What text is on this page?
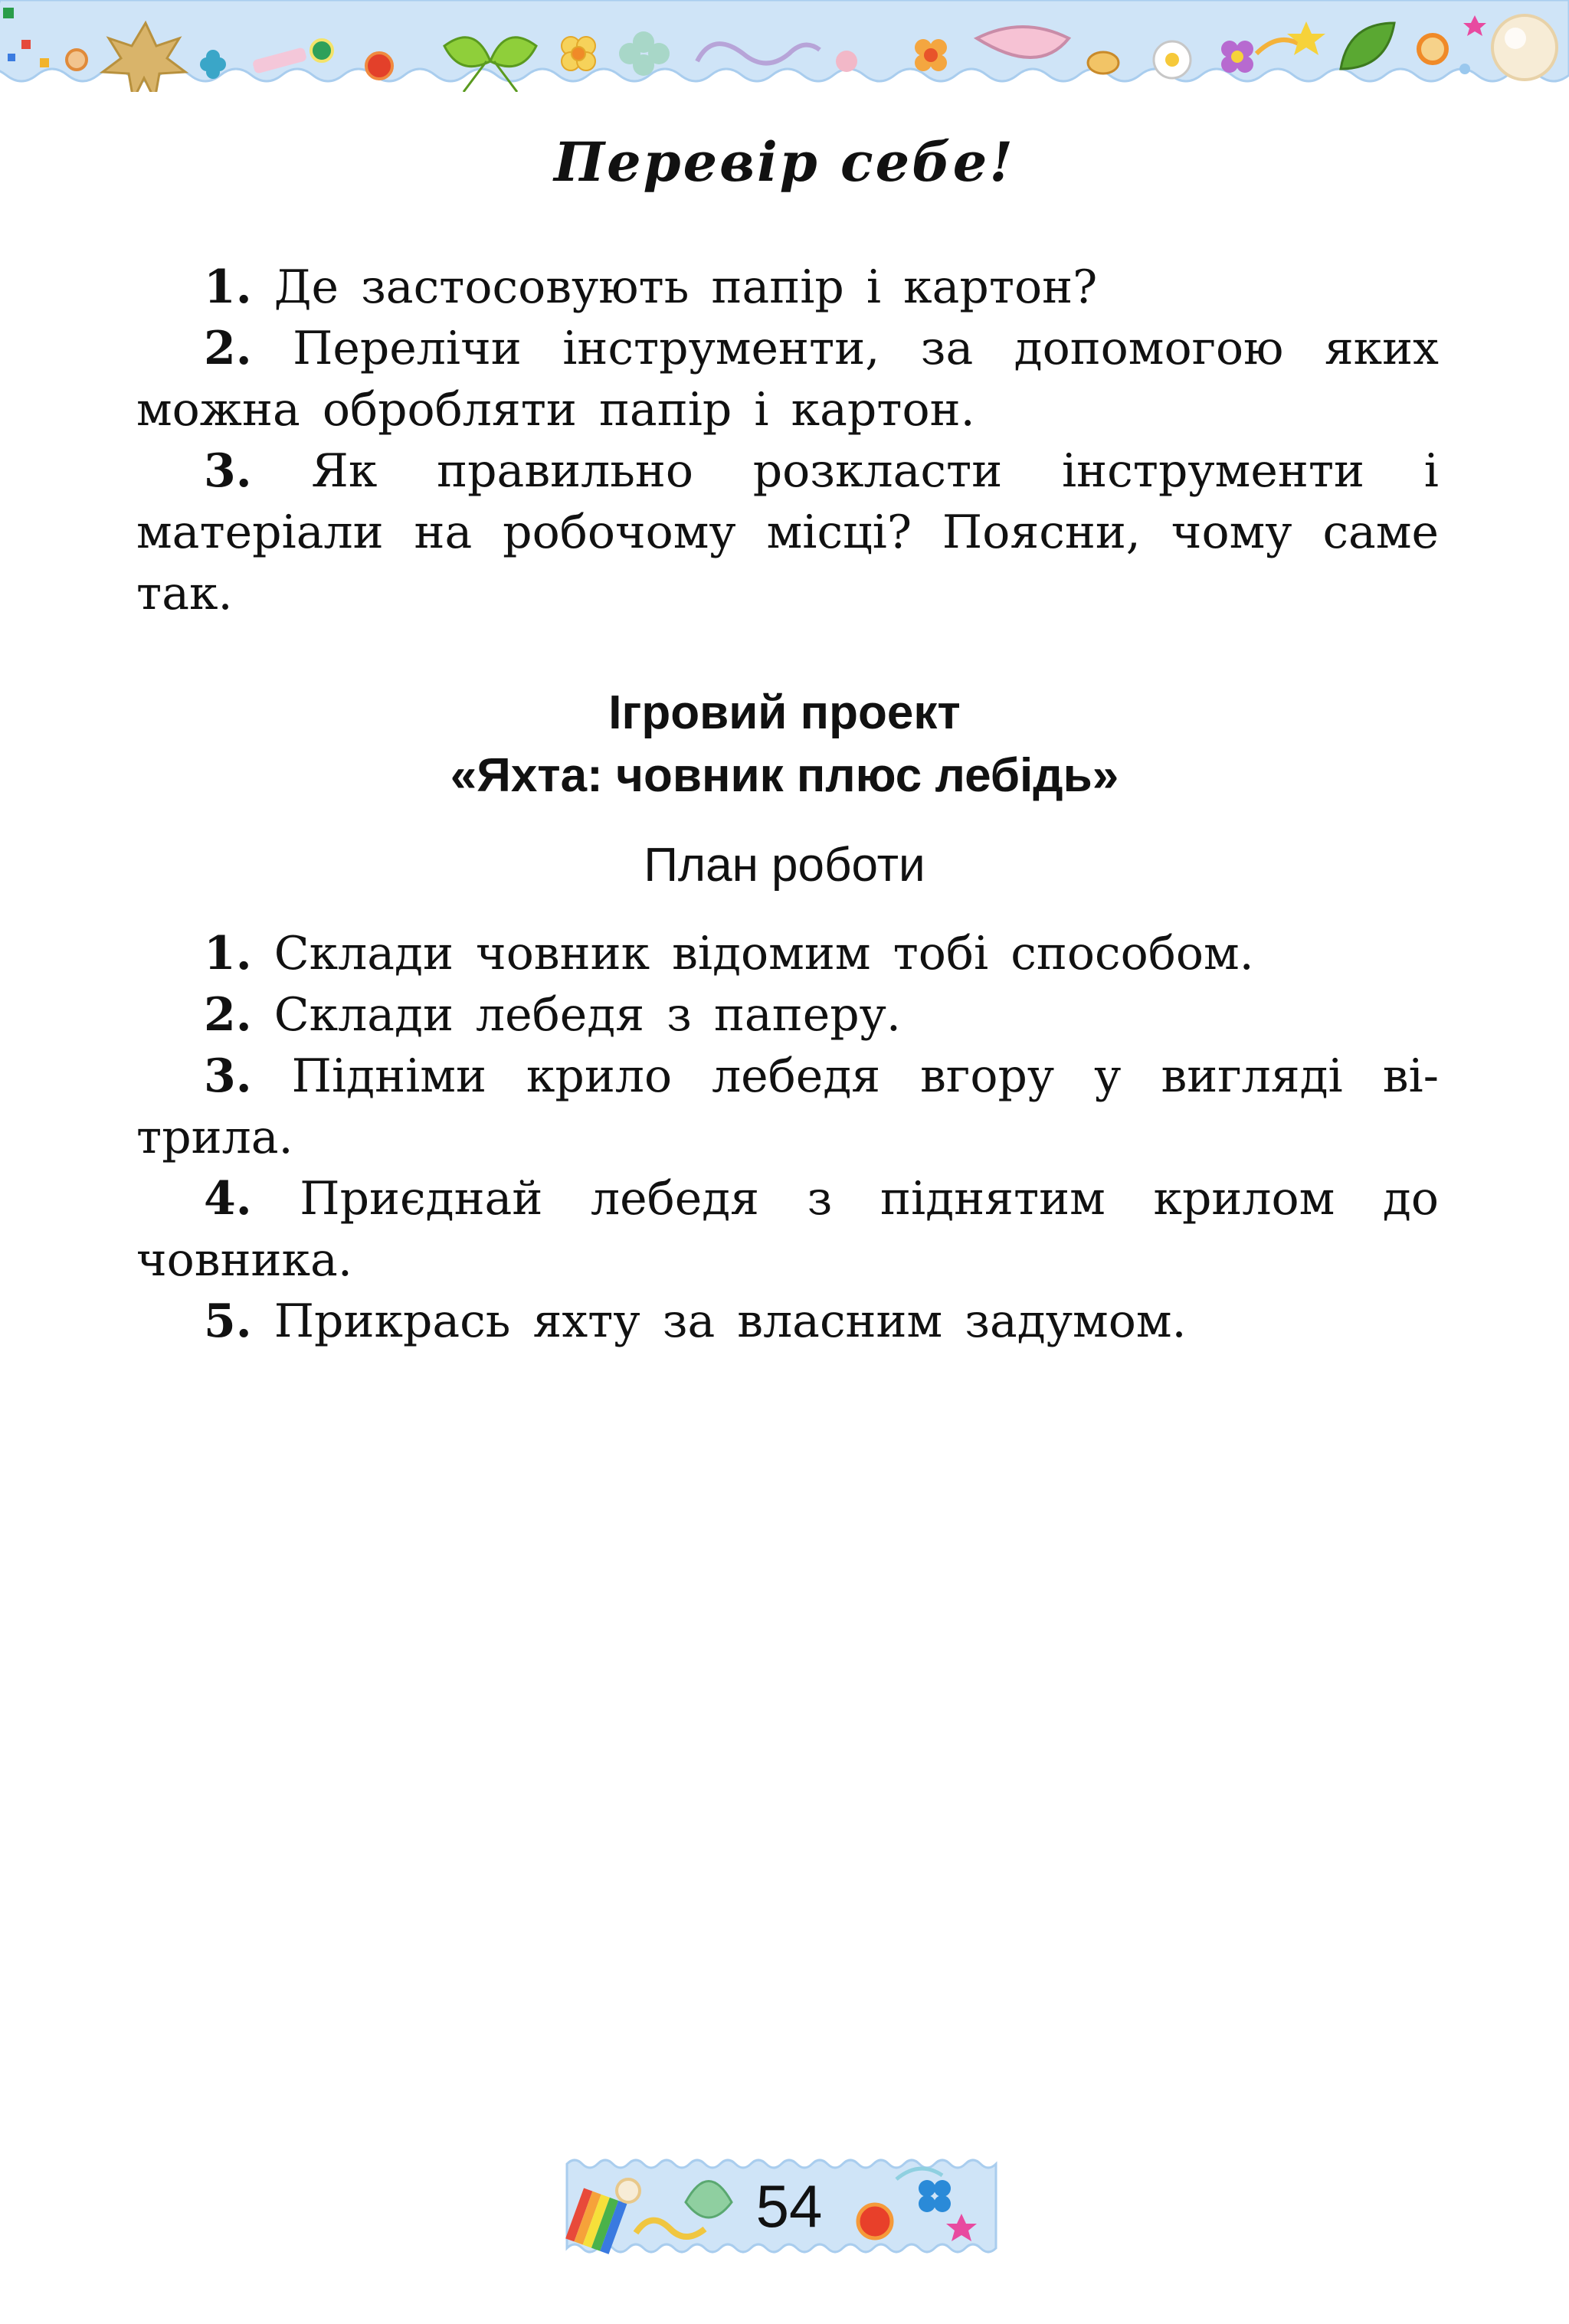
Перевір себе!
1. Де застосовують папір і картон?
2. Перелічи інструменти, за допомогою яких можна обробляти папір і картон.
3. Як правильно розкласти інструменти і матеріали на робочому місці? Поясни, чому саме так.
Ігровий проект
«Яхта: човник плюс лебідь»
План роботи
1. Склади човник відомим тобі способом.
2. Склади лебедя з паперу.
3. Підніми крило лебедя вгору у вигляді вітрила.
4. Приєднай лебедя з піднятим крилом до човника.
5. Прикрась яхту за власним задумом.
54
